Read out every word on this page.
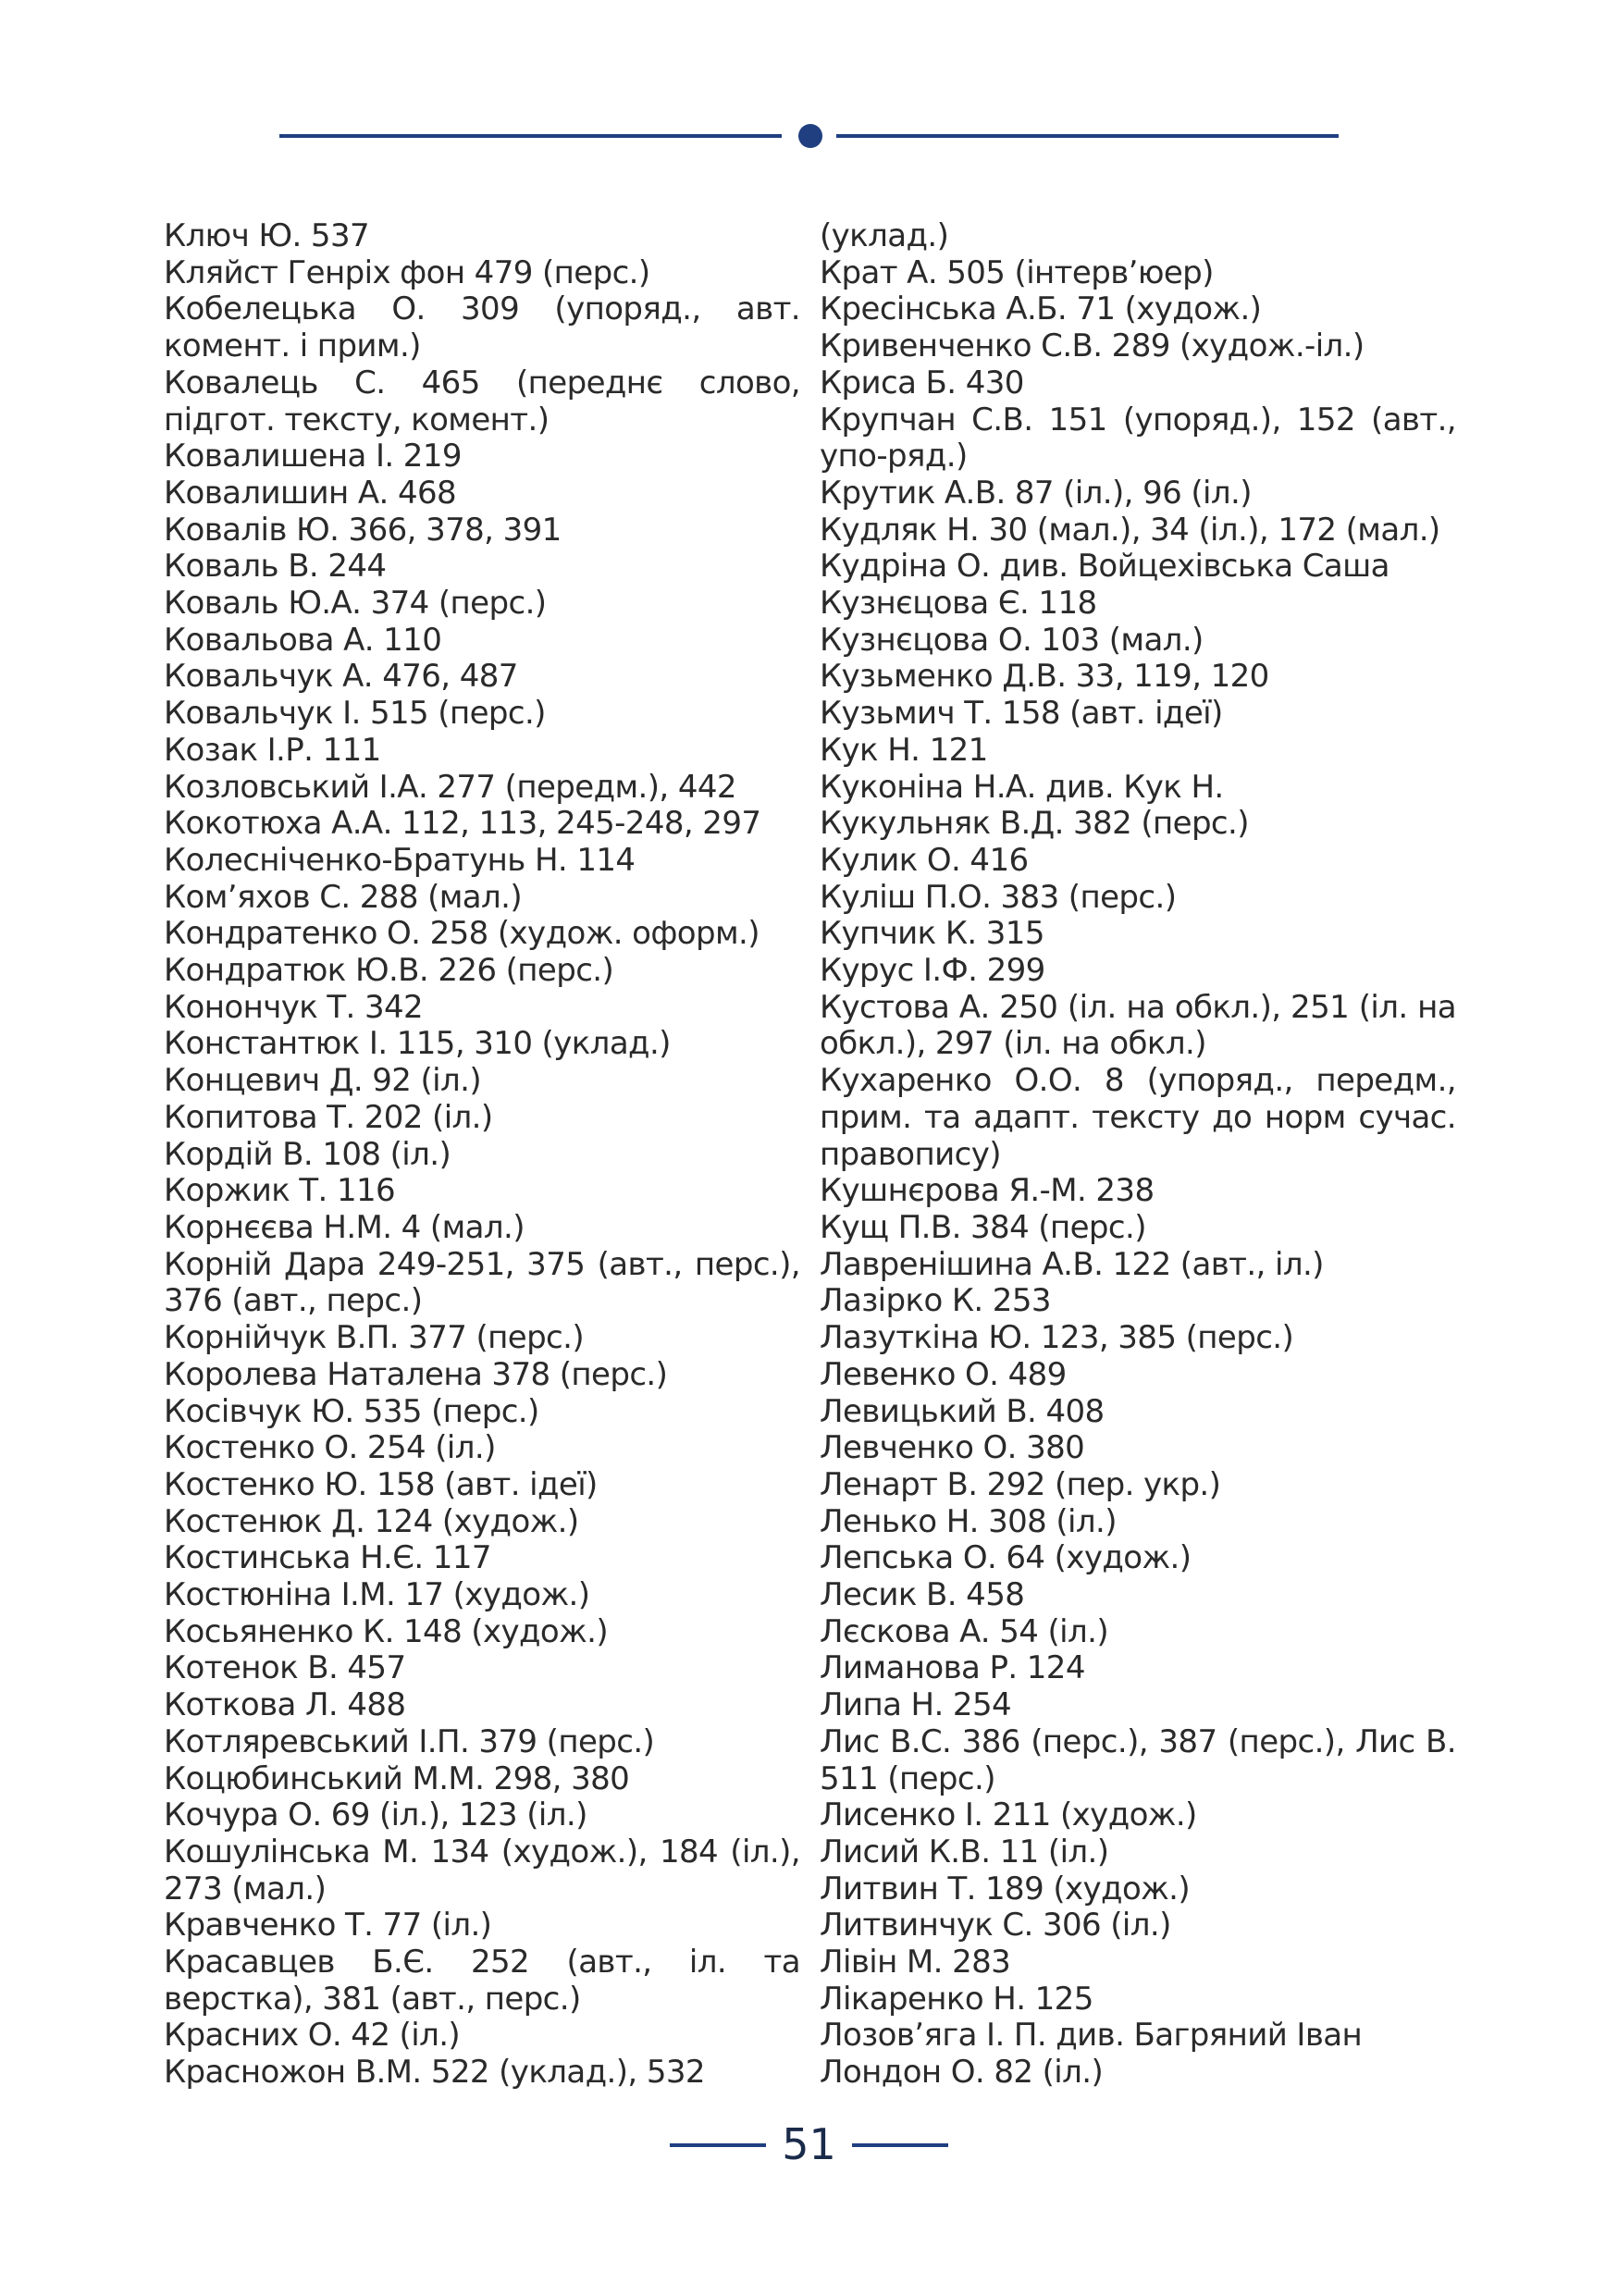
Ключ Ю. 537
Кляйст Генріх фон 479 (перс.)
Кобелецька О. 309 (упоряд., авт. комент. і прим.)
Ковалець С. 465 (переднє слово, підгот. тексту, комент.)
Ковалишена І. 219
Ковалишин А. 468
Ковалів Ю. 366, 378, 391
Коваль В. 244
Коваль Ю.А. 374 (перс.)
Ковальова А. 110
Ковальчук А. 476, 487
Ковальчук І. 515 (перс.)
Козак І.Р. 111
Козловський І.А. 277 (передм.), 442
Кокотюха А.А. 112, 113, 245-248, 297
Колесніченко-Братунь Н. 114
Ком’яхов С. 288 (мал.)
Кондратенко О. 258 (худож. оформ.)
Кондратюк Ю.В. 226 (перс.)
Конончук Т. 342
Константюк І. 115, 310 (уклад.)
Концевич Д. 92 (іл.)
Копитова Т. 202 (іл.)
Кордій В. 108 (іл.)
Коржик Т. 116
Корнєєва Н.М. 4 (мал.)
Корній Дара 249-251, 375 (авт., перс.), 376 (авт., перс.)
Корнійчук В.П. 377 (перс.)
Королева Наталена 378 (перс.)
Косівчук Ю. 535 (перс.)
Костенко О. 254 (іл.)
Костенко Ю. 158 (авт. ідеї)
Костенюк Д. 124 (худож.)
Костинська Н.Є. 117
Костюніна І.М. 17 (худож.)
Косьяненко К. 148 (худож.)
Котенок В. 457
Коткова Л. 488
Котляревський І.П. 379 (перс.)
Коцюбинський М.М. 298, 380
Кочура О. 69 (іл.), 123 (іл.)
Кошулінська М. 134 (худож.), 184 (іл.), 273 (мал.)
Кравченко Т. 77 (іл.)
Красавцев Б.Є. 252 (авт., іл. та верстка), 381 (авт., перс.)
Красних О. 42 (іл.)
Красножон В.М. 522 (уклад.), 532
(уклад.)
Крат А. 505 (інтерв’юер)
Кресінська А.Б. 71 (худож.)
Кривенченко С.В. 289 (худож.-іл.)
Криса Б. 430
Крупчан С.В. 151 (упоряд.), 152 (авт., упо-ряд.)
Крутик А.В. 87 (іл.), 96 (іл.)
Кудляк Н. 30 (мал.), 34 (іл.), 172 (мал.)
Кудріна О. див. Войцехівська Саша
Кузнєцова Є. 118
Кузнєцова О. 103 (мал.)
Кузьменко Д.В. 33, 119, 120
Кузьмич Т. 158 (авт. ідеї)
Кук Н. 121
Куконіна Н.А. див. Кук Н.
Кукульняк В.Д. 382 (перс.)
Кулик О. 416
Куліш П.О. 383 (перс.)
Купчик К. 315
Курус І.Ф. 299
Кустова А. 250 (іл. на обкл.), 251 (іл. на обкл.), 297 (іл. на обкл.)
Кухаренко О.О. 8 (упоряд., передм., прим. та адапт. тексту до норм сучас. правопису)
Кушнєрова Я.-М. 238
Кущ П.В. 384 (перс.)
Лавренішина А.В. 122 (авт., іл.)
Лазірко К. 253
Лазуткіна Ю. 123, 385 (перс.)
Левенко О. 489
Левицький В. 408
Левченко О. 380
Ленарт В. 292 (пер. укр.)
Ленько Н. 308 (іл.)
Лепська О. 64 (худож.)
Лесик В. 458
Лєскова А. 54 (іл.)
Лиманова Р. 124
Липа Н. 254
Лис В.С. 386 (перс.), 387 (перс.), Лис В. 511 (перс.)
Лисенко І. 211 (худож.)
Лисий К.В. 11 (іл.)
Литвин Т. 189 (худож.)
Литвинчук С. 306 (іл.)
Лівін М. 283
Лікаренко Н. 125
Лозов’яга І. П. див. Багряний Іван
Лондон О. 82 (іл.)
51
